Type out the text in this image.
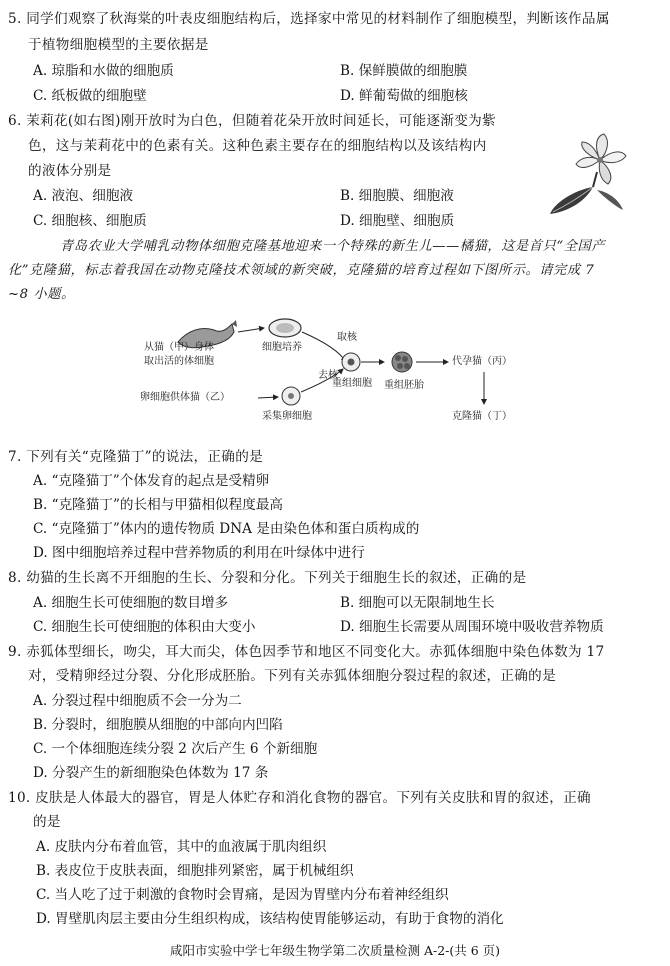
5. 同学们观察了秋海棠的叶表皮细胞结构后，选择家中常见的材料制作了细胞模型，判断该作品属
于植物细胞模型的主要依据是
A. 琼脂和水做的细胞质	B. 保鲜膜做的细胞膜
C. 纸板做的细胞壁	D. 鲜葡萄做的细胞核
6. 茉莉花(如右图)刚开放时为白色，但随着花朵开放时间延长，可能逐渐变为紫
色，这与茉莉花中的色素有关。这种色素主要存在的细胞结构以及该结构内
的液体分别是
A. 液泡、细胞液	B. 细胞膜、细胞液
C. 细胞核、细胞质	D. 细胞壁、细胞质
青岛农业大学哺乳动物体细胞克隆基地迎来一个特殊的新生儿——橘猫，这是首只“全国产
化”克隆猫，标志着我国在动物克隆技术领域的新突破，克隆猫的培育过程如下图所示。请完成 7
~8 小题。
从猫（甲）身体
取出活的体细胞
细胞培养
取核
去核
卵细胞供体猫（乙）
采集卵细胞
重组细胞 重组胚胎
代孕猫（丙）
克隆猫（丁）
7. 下列有关“克隆猫丁”的说法，正确的是
A. “克隆猫丁”个体发育的起点是受精卵
B. “克隆猫丁”的长相与甲猫相似程度最高
C. “克隆猫丁”体内的遗传物质 DNA 是由染色体和蛋白质构成的
D. 图中细胞培养过程中营养物质的利用在叶绿体中进行
8. 幼猫的生长离不开细胞的生长、分裂和分化。下列关于细胞生长的叙述，正确的是
A. 细胞生长可使细胞的数目增多	B. 细胞可以无限制地生长
C. 细胞生长可使细胞的体积由大变小	D. 细胞生长需要从周围环境中吸收营养物质
9. 赤狐体型细长，吻尖，耳大而尖，体色因季节和地区不同变化大。赤狐体细胞中染色体数为 17
对，受精卵经过分裂、分化形成胚胎。下列有关赤狐体细胞分裂过程的叙述，正确的是
A. 分裂过程中细胞质不会一分为二
B. 分裂时，细胞膜从细胞的中部向内凹陷
C. 一个体细胞连续分裂 2 次后产生 6 个新细胞
D. 分裂产生的新细胞染色体数为 17 条
10. 皮肤是人体最大的器官，胃是人体贮存和消化食物的器官。下列有关皮肤和胃的叙述，正确
的是
A. 皮肤内分布着血管，其中的血液属于肌肉组织
B. 表皮位于皮肤表面，细胞排列紧密，属于机械组织
C. 当人吃了过于刺激的食物时会胃痛，是因为胃壁内分布着神经组织
D. 胃壁肌肉层主要由分生组织构成，该结构使胃能够运动，有助于食物的消化
咸阳市实验中学七年级生物学第二次质量检测 A-2-(共 6 页)
